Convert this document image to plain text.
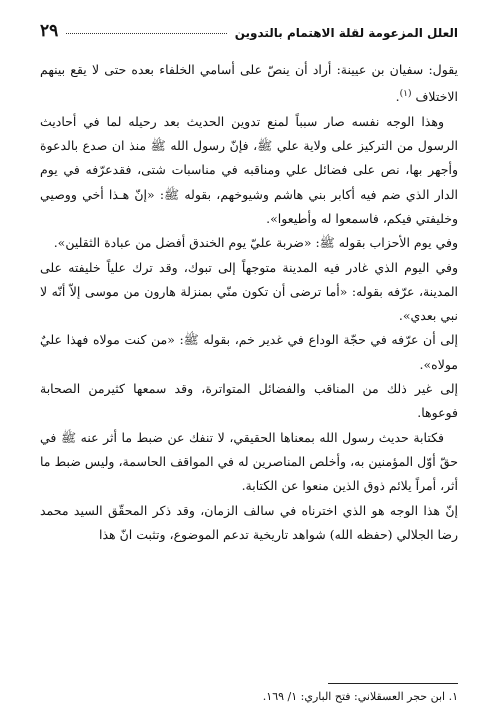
العلل المزعومة لقلة الاهتمام بالتدوين
٢٩

يقول: سفيان بن عيينة: أراد أن ينصّ على أسامي الخلفاء بعده حتى لا يقع بينهم الاختلاف $^{(١)}$.

وهذا الوجه نفسه صار سبباً لمنع تدوين الحديث بعد رحيله لما في أحاديث الرسول من التركيز على ولاية علي ﷺ، فإنّ رسول الله ﷺ منذ ان صدع بالدعوة وأجهر بها، نص على فضائل علي ومناقبه في مناسبات شتى، فقدعرّفه في يوم الدار الذي ضم فيه أكابر بني هاشم وشيوخهم، بقوله ﷺ: «إنّ هـذا أخي ووصيي وخليفتي فيكم، فاسمعوا له وأطيعوا».

وفي يوم الأحزاب بقوله ﷺ: «ضربة عليّ يوم الخندق أفضل من عبادة الثقلين».

وفي اليوم الذي غادر فيه المدينة متوجهاً إلى تبوك، وقد ترك علياً خليفته على المدينة، عرّفه بقوله: «أما ترضى أن تكون منّي بمنزلة هارون من موسى إلاّ أنّه لا نبي بعدي».

إلى أن عرّفه في حجّة الوداع في غدير خم، بقوله ﷺ: «من كنت مولاه فهذا عليٌ مولاه».

إلى غير ذلك من المناقب والفضائل المتواترة، وقد سمعها كثيرمن الصحابة فوعوها.

فكتابة حديث رسول الله بمعناها الحقيقي، لا تنفك عن ضبط ما أثر عنه ﷺ في حقّ أوّل المؤمنين به، وأخلص المناصرين له في المواقف الحاسمة، وليس ضبط ما أثر، أمراً يلائم ذوق الذين منعوا عن الكتابة.

إنّ هذا الوجه هو الذي اخترناه في سالف الزمان، وقد ذكر المحقّق السيد محمد رضا الجلالي (حفظه الله) شواهد تاريخية تدعم الموضوع، وتثبت انّ هذا

١. ابن حجر العسقلاني: فتح الباري: ١/ ١٦٩.
